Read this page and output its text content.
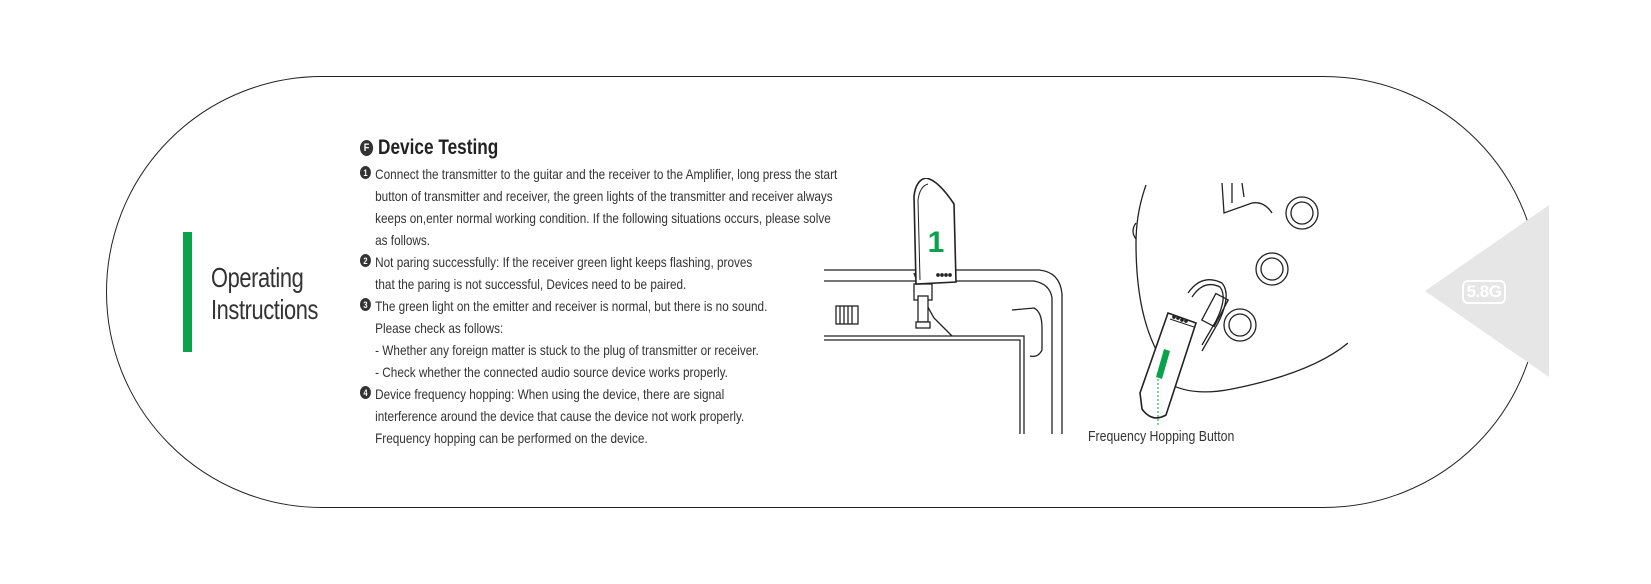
Operating
Instructions
5.8G
F Device Testing
1 Connect the transmitter to the guitar and the receiver to the Amplifier, long press the start
button of transmitter and receiver, the green lights of the transmitter and receiver always
keeps on,enter normal working condition. If the following situations occurs, please solve
as follows.
2 Not paring successfully: If the receiver green light keeps flashing, proves
that the paring is not successful, Devices need to be paired.
3 The green light on the emitter and receiver is normal, but there is no sound.
Please check as follows:
- Whether any foreign matter is stuck to the plug of transmitter or receiver.
- Check whether the connected audio source device works properly.
4 Device frequency hopping: When using the device, there are signal
interference around the device that cause the device not work properly.
Frequency hopping can be performed on the device.
1
Frequency Hopping Button
